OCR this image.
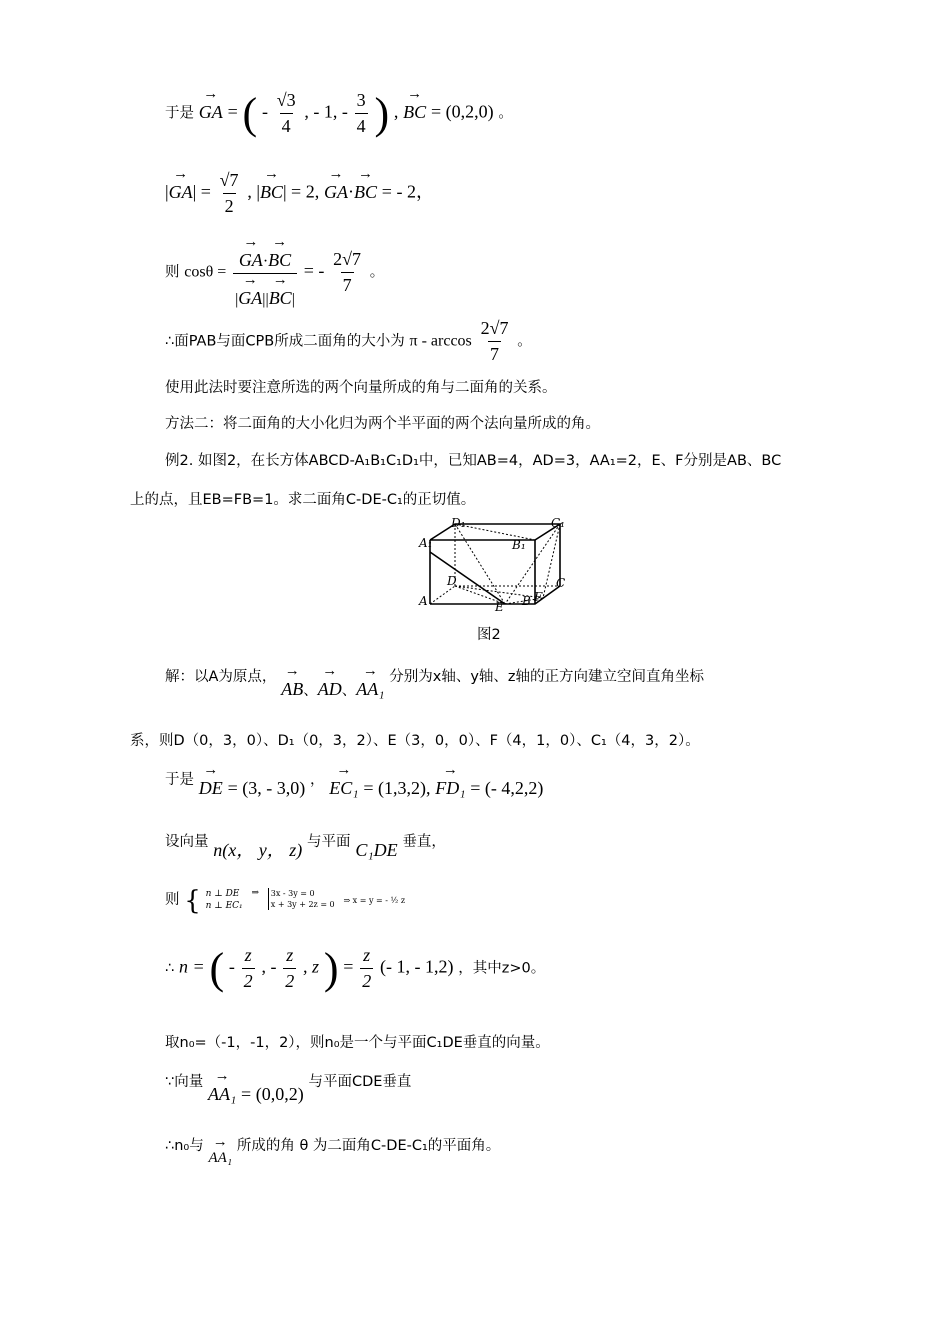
于是 → GA = ( - $\frac{√3}{4}$ , - 1, - $\frac{3}{4}$ ) , → BC = (0,2,0) 。
|→ $GA| = \frac{√7}{2}$ , |→ BC| = 2, → GA·→ BC = - 2，
则 cosθ = → $\frac{GA\cdot\to BC}{|\to GA||\to BC|}$ = - $\frac{2√7}{7}$ 。
∴面PAB与面CPB所成二面角的大小为 π - $\arccos \frac{2√7}{7}$ 。
使用此法时要注意所选的两个向量所成的角与二面角的关系。
方法二：将二面角的大小化归为两个半平面的两个法向量所成的角。
例2. 如图2，在长方体ABCD-A₁B₁C₁D₁中，已知AB=4，AD=3，AA₁=2，E、F分别是AB、BC
上的点，且EB=FB=1。求二面角C-DE-C₁的正切值。
A₁
D₁
B₁
C₁
D
A	E B F
C
图2
解：以A为原点， → AB、→ AD、→ AA₁ 分别为x轴、y轴、z轴的正方向建立空间直角坐标
系，则D（0，3，0）、D₁（0，3，2）、E（3，0，0）、F（4，1，0）、C₁（4，3，2）。
于是 → DE = (3, - 3,0) ， → EC₁ = (1,3,2), → FD₁ = (- 4,2,2)
设向量 n(x， y， z) 与平面 C₁DE 垂直，
则 { n ⊥ DE
n ⊥ EC₁
⇒ 3x - 3y = 0
x + 3y + 2z = 0 $^{\Rightarrow x = y = - \frac{1}{2} z}$
∴ n = ( - $\frac{z}{2}$ , - $\frac{z}{2}$ , z ) = $\frac{z}{2}$ (- 1, - 1,2) ，其中z>0。
取n₀=（-1，-1，2），则n₀是一个与平面C₁DE垂直的向量。
∵向量 → AA₁ = (0,0,2) 与平面CDE垂直
∴n₀与 → AA₁ 所成的角 θ 为二面角C-DE-C₁的平面角。
